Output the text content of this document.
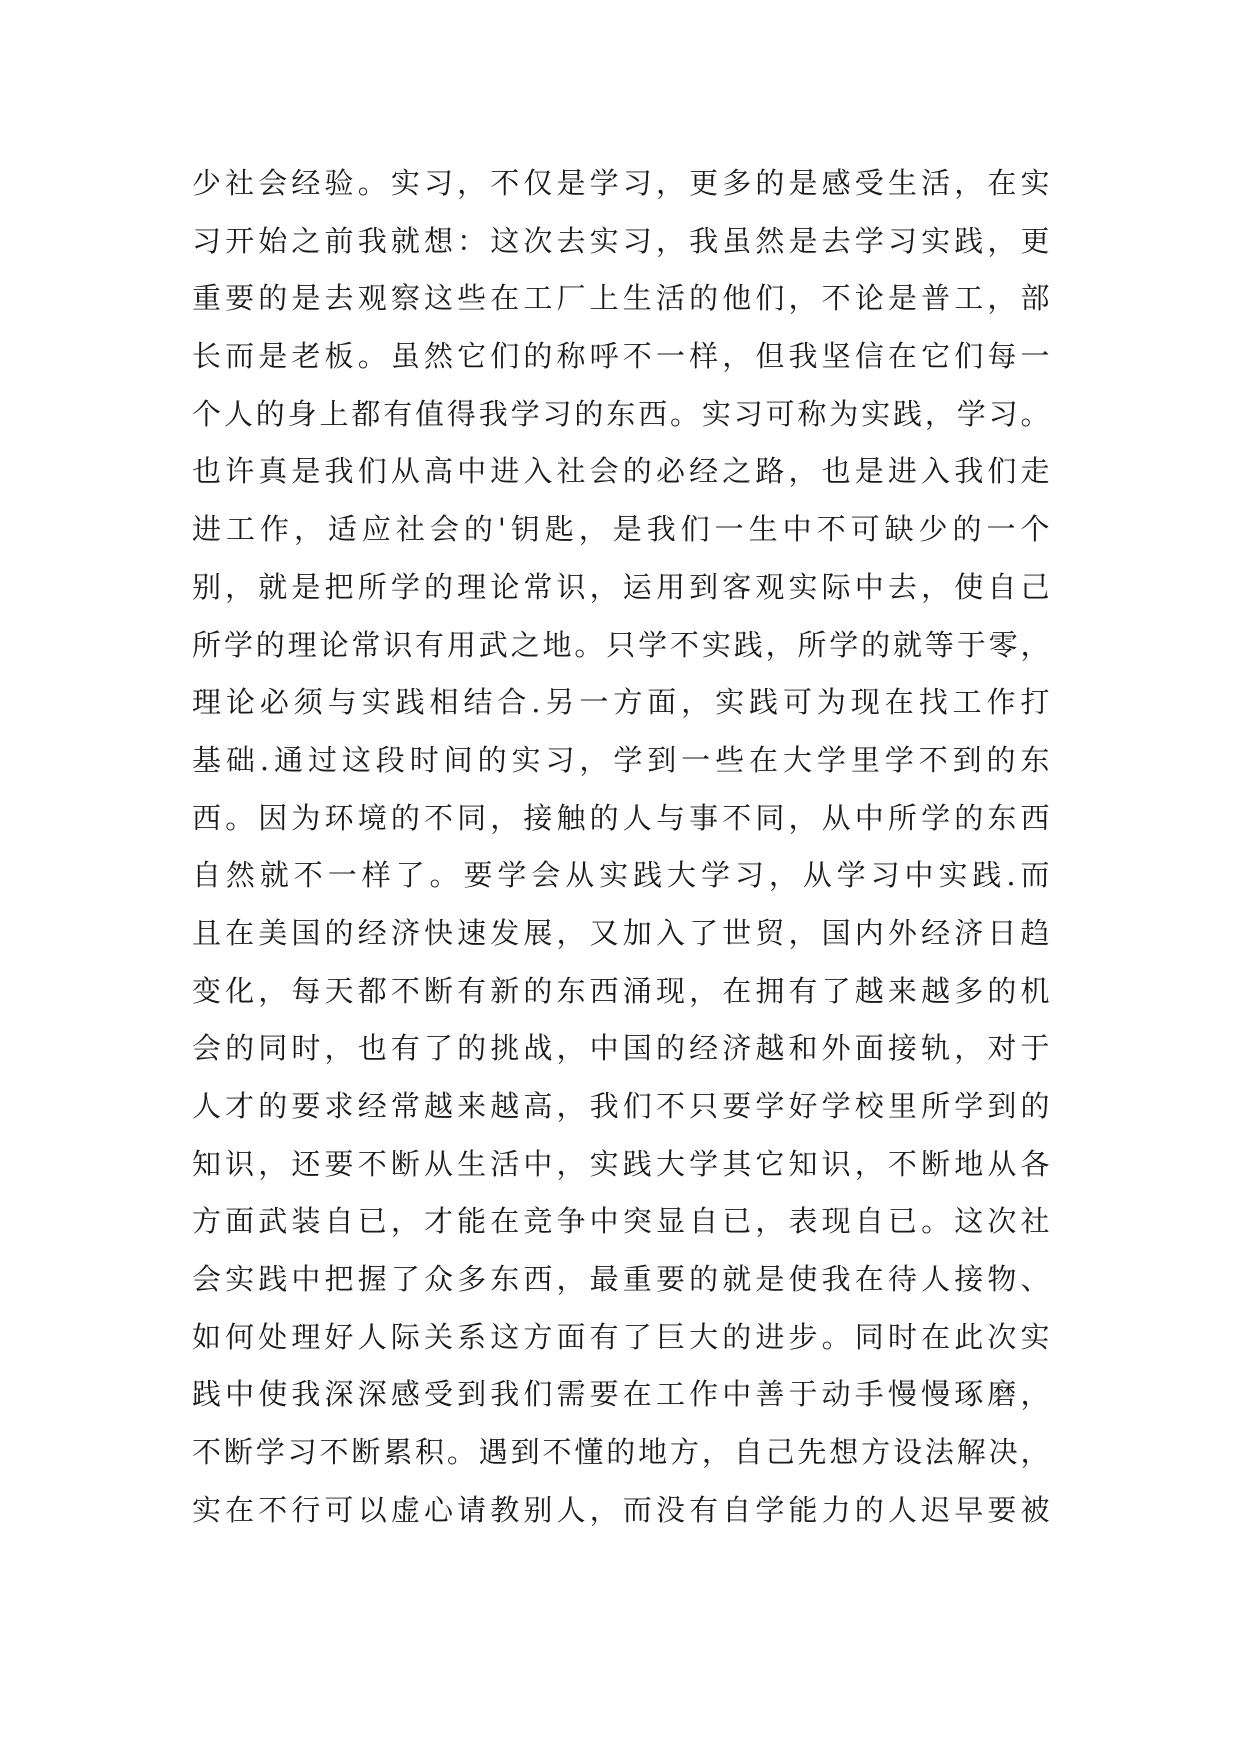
少社会经验。实习，不仅是学习，更多的是感受生活，在实
习开始之前我就想：这次去实习，我虽然是去学习实践，更
重要的是去观察这些在工厂上生活的他们，不论是普工，部
长而是老板。虽然它们的称呼不一样，但我坚信在它们每一
个人的身上都有值得我学习的东西。实习可称为实践，学习。
也许真是我们从高中进入社会的必经之路，也是进入我们走
进工作，适应社会的'钥匙，是我们一生中不可缺少的一个
别，就是把所学的理论常识，运用到客观实际中去，使自己
所学的理论常识有用武之地。只学不实践，所学的就等于零，
理论必须与实践相结合.另一方面，实践可为现在找工作打
基础.通过这段时间的实习，学到一些在大学里学不到的东
西。因为环境的不同，接触的人与事不同，从中所学的东西
自然就不一样了。要学会从实践大学习，从学习中实践.而
且在美国的经济快速发展，又加入了世贸，国内外经济日趋
变化，每天都不断有新的东西涌现，在拥有了越来越多的机
会的同时，也有了的挑战，中国的经济越和外面接轨，对于
人才的要求经常越来越高，我们不只要学好学校里所学到的
知识，还要不断从生活中，实践大学其它知识，不断地从各
方面武装自已，才能在竞争中突显自已，表现自已。这次社
会实践中把握了众多东西，最重要的就是使我在待人接物、
如何处理好人际关系这方面有了巨大的进步。同时在此次实
践中使我深深感受到我们需要在工作中善于动手慢慢琢磨，
不断学习不断累积。遇到不懂的地方，自己先想方设法解决，
实在不行可以虚心请教别人，而没有自学能力的人迟早要被
